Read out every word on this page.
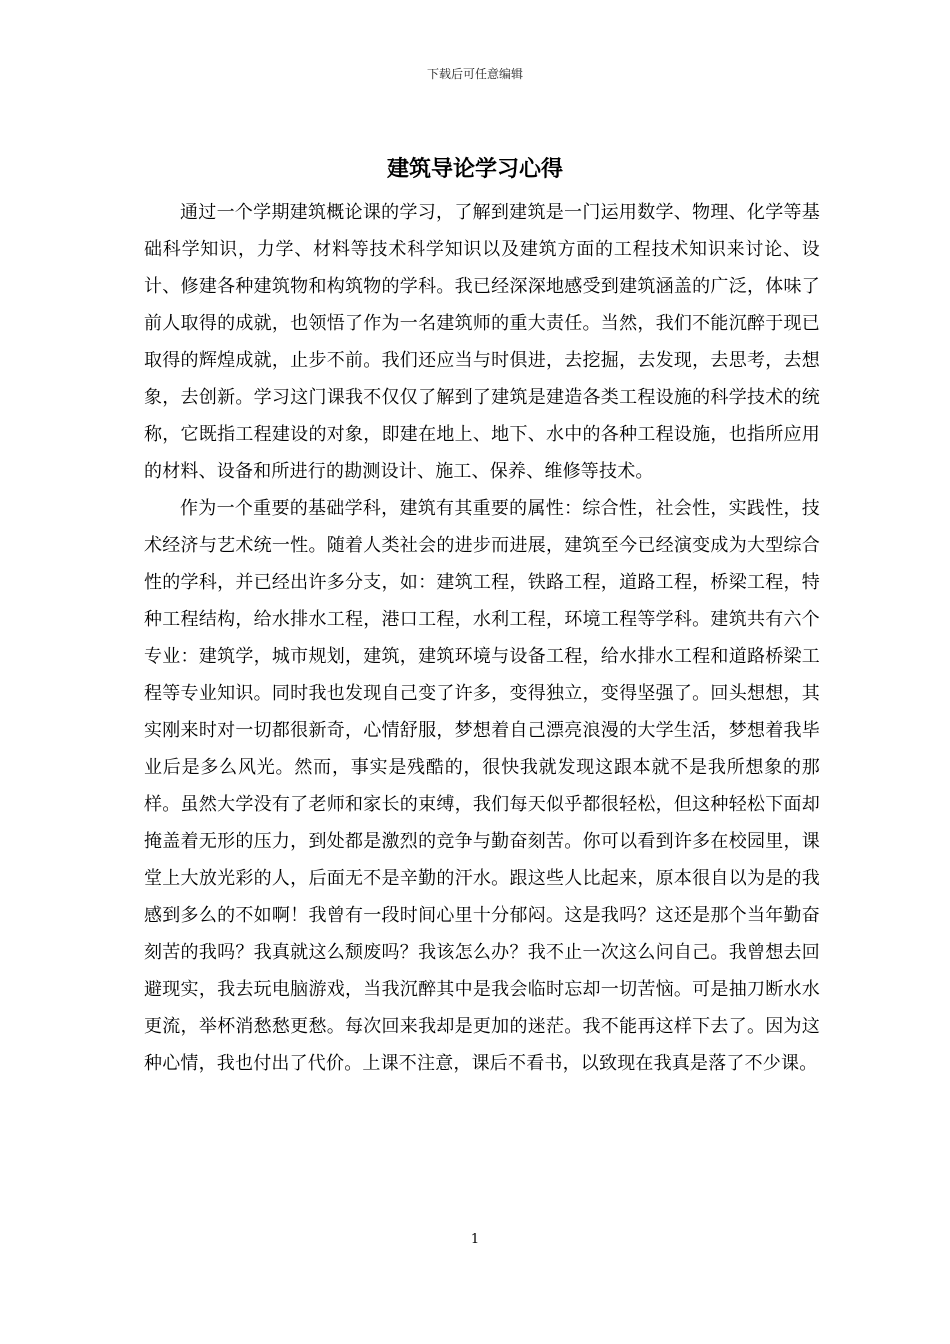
下载后可任意编辑
建筑导论学习心得

通过一个学期建筑概论课的学习，了解到建筑是一门运用数学、物理、化学等基础科学知识，力学、材料等技术科学知识以及建筑方面的工程技术知识来讨论、设计、修建各种建筑物和构筑物的学科。我已经深深地感受到建筑涵盖的广泛，体味了前人取得的成就，也领悟了作为一名建筑师的重大责任。当然，我们不能沉醉于现已取得的辉煌成就，止步不前。我们还应当与时俱进，去挖掘，去发现，去思考，去想象，去创新。学习这门课我不仅仅了解到了建筑是建造各类工程设施的科学技术的统称，它既指工程建设的对象，即建在地上、地下、水中的各种工程设施，也指所应用的材料、设备和所进行的勘测设计、施工、保养、维修等技术。

作为一个重要的基础学科，建筑有其重要的属性：综合性，社会性，实践性，技术经济与艺术统一性。随着人类社会的进步而进展，建筑至今已经演变成为大型综合性的学科，并已经出许多分支，如：建筑工程，铁路工程，道路工程，桥梁工程，特种工程结构，给水排水工程，港口工程，水利工程，环境工程等学科。建筑共有六个专业：建筑学，城市规划，建筑，建筑环境与设备工程，给水排水工程和道路桥梁工程等专业知识。同时我也发现自己变了许多，变得独立，变得坚强了。回头想想，其实刚来时对一切都很新奇，心情舒服，梦想着自己漂亮浪漫的大学生活，梦想着我毕业后是多么风光。然而，事实是残酷的，很快我就发现这跟本就不是我所想象的那样。虽然大学没有了老师和家长的束缚，我们每天似乎都很轻松，但这种轻松下面却掩盖着无形的压力，到处都是激烈的竞争与勤奋刻苦。你可以看到许多在校园里，课堂上大放光彩的人，后面无不是辛勤的汗水。跟这些人比起来，原本很自以为是的我感到多么的不如啊！我曾有一段时间心里十分郁闷。这是我吗？这还是那个当年勤奋刻苦的我吗？我真就这么颓废吗？我该怎么办？我不止一次这么问自己。我曾想去回避现实，我去玩电脑游戏，当我沉醉其中是我会临时忘却一切苦恼。可是抽刀断水水更流，举杯消愁愁更愁。每次回来我却是更加的迷茫。我不能再这样下去了。因为这种心情，我也付出了代价。上课不注意，课后不看书，以致现在我真是落了不少课。

1
